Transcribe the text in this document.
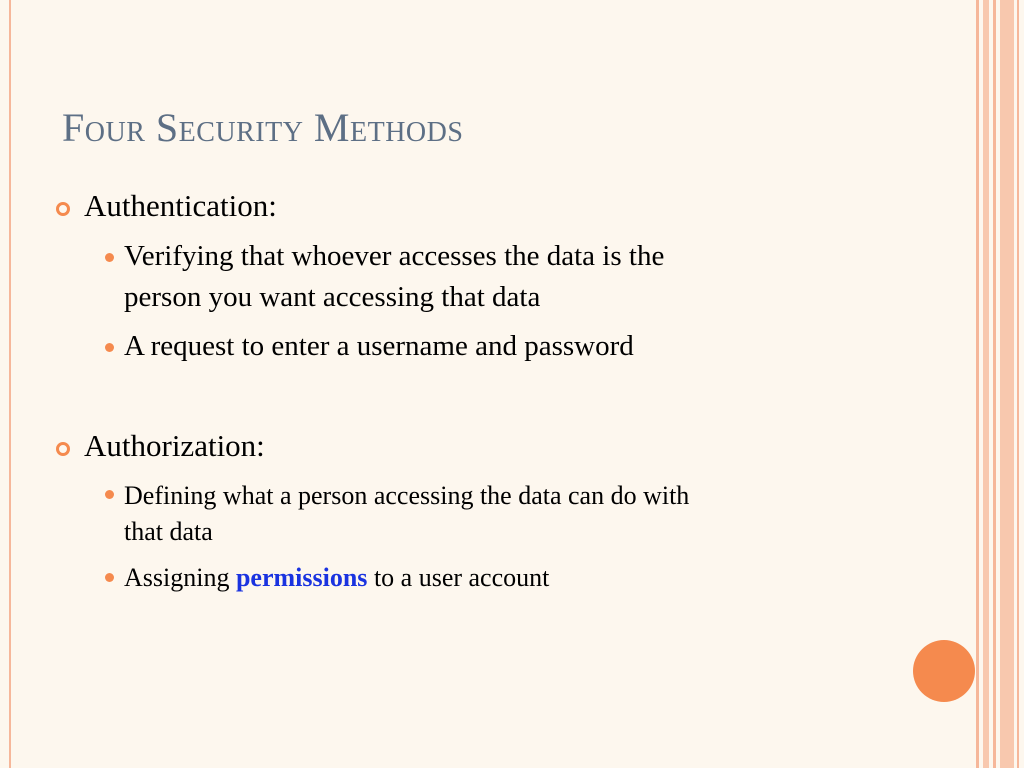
Four Security Methods
Authentication:
Verifying that whoever accesses the data is the
person you want accessing that data
A request to enter a username and password
Authorization:
Defining what a person accessing the data can do with
that data
Assigning permissions to a user account
